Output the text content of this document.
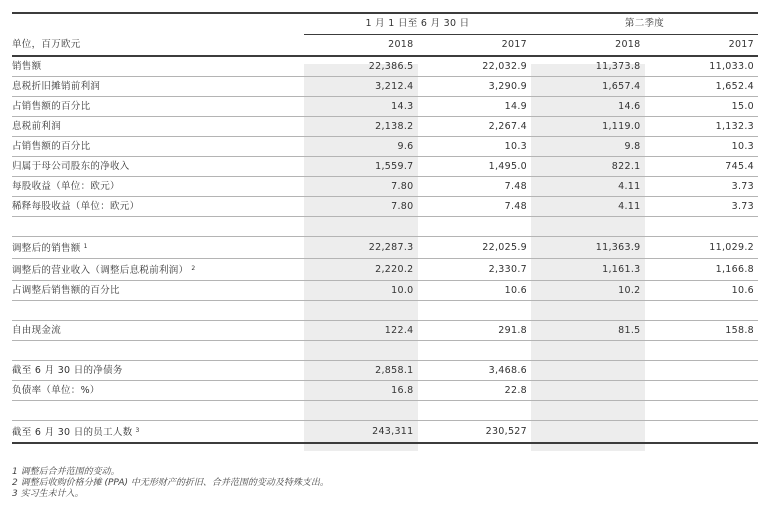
	1 月 1 日至 6 月 30 日		第二季度	
单位，百万欧元	2018	2017	2018	2017
销售额	22,386.5	22,032.9	11,373.8	11,033.0
息税折旧摊销前利润	3,212.4	3,290.9	1,657.4	1,652.4
占销售额的百分比	14.3	14.9	14.6	15.0
息税前利润	2,138.2	2,267.4	1,119.0	1,132.3
占销售额的百分比	9.6	10.3	9.8	10.3
归属于母公司股东的净收入	1,559.7	1,495.0	822.1	745.4
每股收益（单位：欧元）	7.80	7.48	4.11	3.73
稀释每股收益（单位：欧元）	7.80	7.48	4.11	3.73

调整后的销售额 $^1$	22,287.3	22,025.9	11,363.9	11,029.2
调整后的营业收入（调整后息税前利润） $^2$	2,220.2	2,330.7	1,161.3	1,166.8
占调整后销售额的百分比	10.0	10.6	10.2	10.6

自由现金流	122.4	291.8	81.5	158.8

截至 6 月 30 日的净债务	2,858.1	3,468.6		
负债率（单位：%）	16.8	22.8		

截至 6 月 30 日的员工人数 $^3$	243,311	230,527		
1 调整后合并范围的变动。
2 调整后收购价格分摊 (PPA) 中无形财产的折旧、合并范围的变动及特殊支出。
3 实习生未计入。
